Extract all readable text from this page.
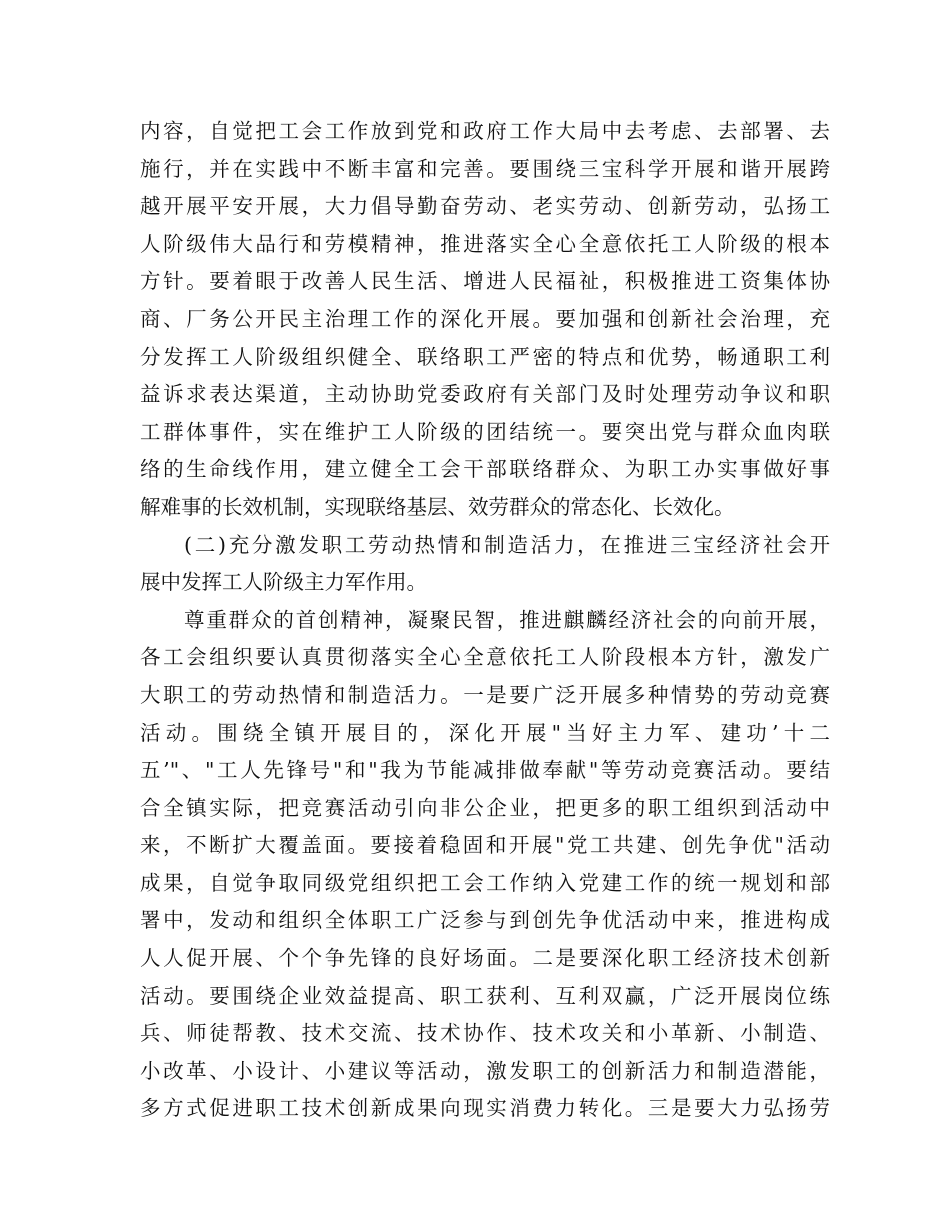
内容，自觉把工会工作放到党和政府工作大局中去考虑、去部署、去
施行，并在实践中不断丰富和完善。要围绕三宝科学开展和谐开展跨
越开展平安开展，大力倡导勤奋劳动、老实劳动、创新劳动，弘扬工
人阶级伟大品行和劳模精神，推进落实全心全意依托工人阶级的根本
方针。要着眼于改善人民生活、增进人民福祉，积极推进工资集体协
商、厂务公开民主治理工作的深化开展。要加强和创新社会治理，充
分发挥工人阶级组织健全、联络职工严密的特点和优势，畅通职工利
益诉求表达渠道，主动协助党委政府有关部门及时处理劳动争议和职
工群体事件，实在维护工人阶级的团结统一。要突出党与群众血肉联
络的生命线作用，建立健全工会干部联络群众、为职工办实事做好事
解难事的长效机制，实现联络基层、效劳群众的常态化、长效化。
(二)充分激发职工劳动热情和制造活力，在推进三宝经济社会开
展中发挥工人阶级主力军作用。
尊重群众的首创精神，凝聚民智，推进麒麟经济社会的向前开展，
各工会组织要认真贯彻落实全心全意依托工人阶段根本方针，激发广
大职工的劳动热情和制造活力。一是要广泛开展多种情势的劳动竞赛
活动。围绕全镇开展目的，深化开展"当好主力军、建功’十二
五’"、"工人先锋号"和"我为节能减排做奉献"等劳动竞赛活动。要结
合全镇实际，把竞赛活动引向非公企业，把更多的职工组织到活动中
来，不断扩大覆盖面。要接着稳固和开展"党工共建、创先争优"活动
成果，自觉争取同级党组织把工会工作纳入党建工作的统一规划和部
署中，发动和组织全体职工广泛参与到创先争优活动中来，推进构成
人人促开展、个个争先锋的良好场面。二是要深化职工经济技术创新
活动。要围绕企业效益提高、职工获利、互利双赢，广泛开展岗位练
兵、师徒帮教、技术交流、技术协作、技术攻关和小革新、小制造、
小改革、小设计、小建议等活动，激发职工的创新活力和制造潜能，
多方式促进职工技术创新成果向现实消费力转化。三是要大力弘扬劳
